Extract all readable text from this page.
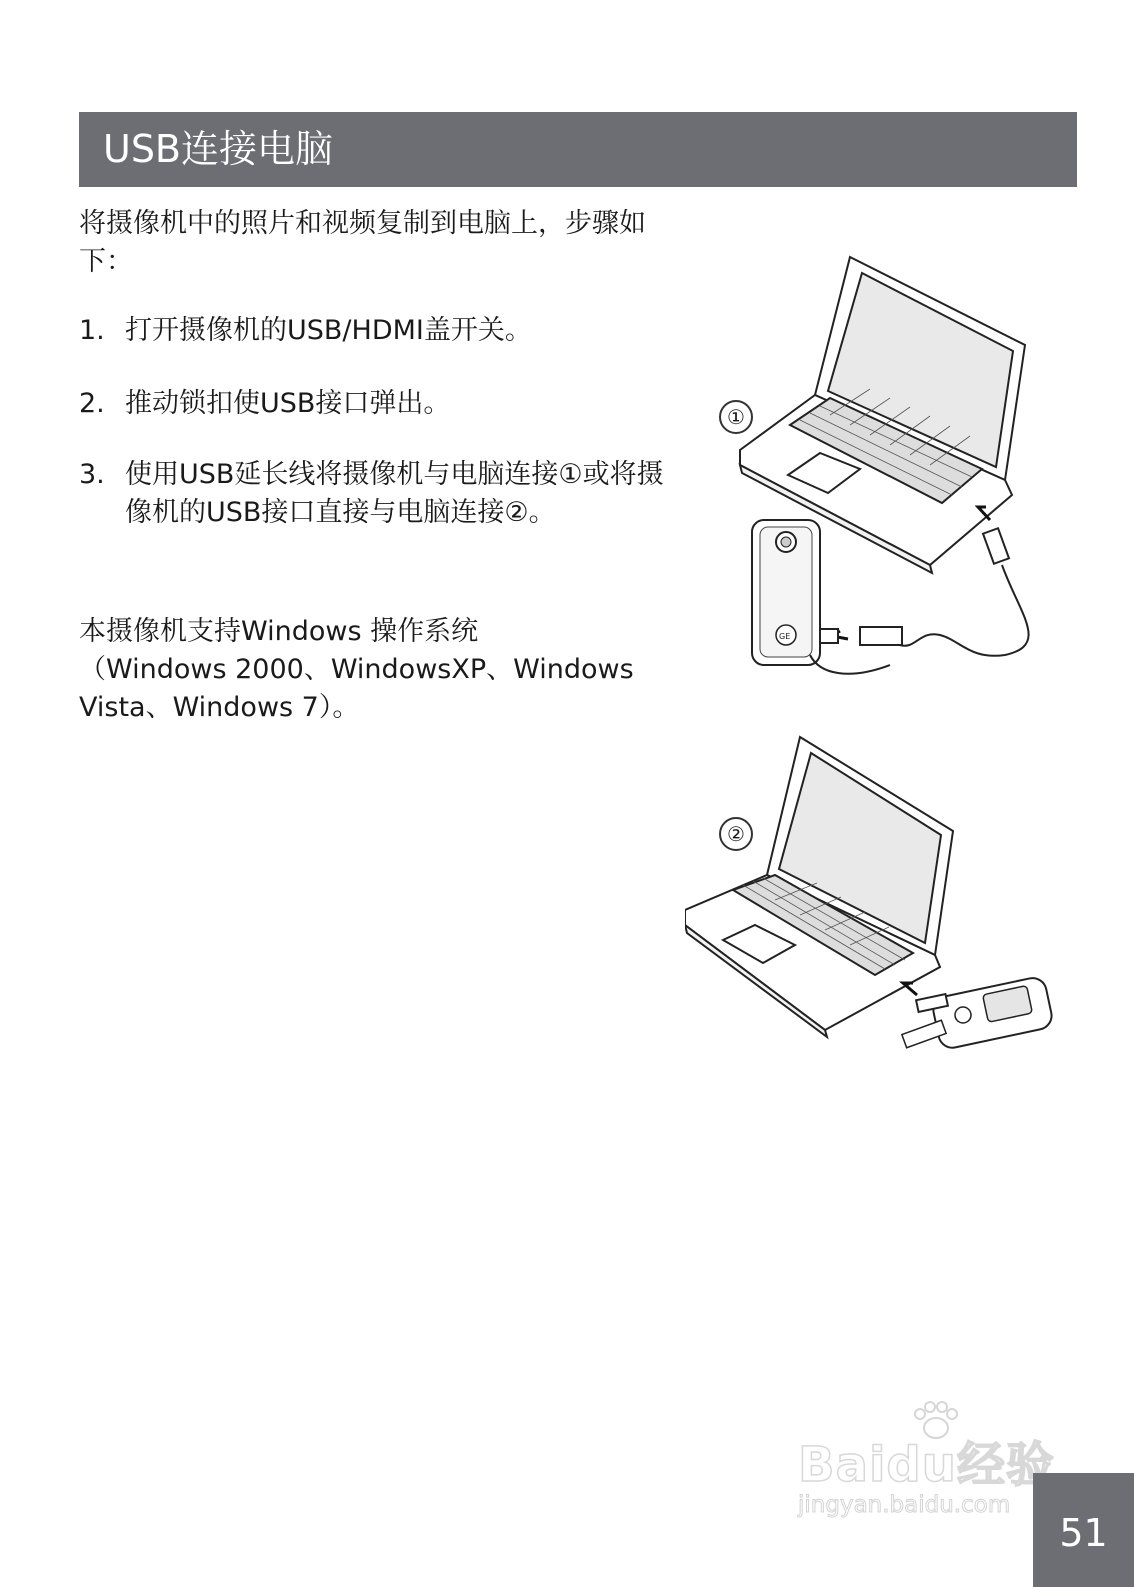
USB连接电脑

将摄像机中的照片和视频复制到电脑上，步骤如下：

1. 打开摄像机的USB/HDMI盖开关。
2. 推动锁扣使USB接口弹出。
3. 使用USB延长线将摄像机与电脑连接①或将摄像机的USB接口直接与电脑连接②。

本摄像机支持Windows 操作系统
（Windows 2000、WindowsXP、Windows Vista、Windows 7）。

GE
①
②
Baidu经验
jingyan.baidu.com
51
